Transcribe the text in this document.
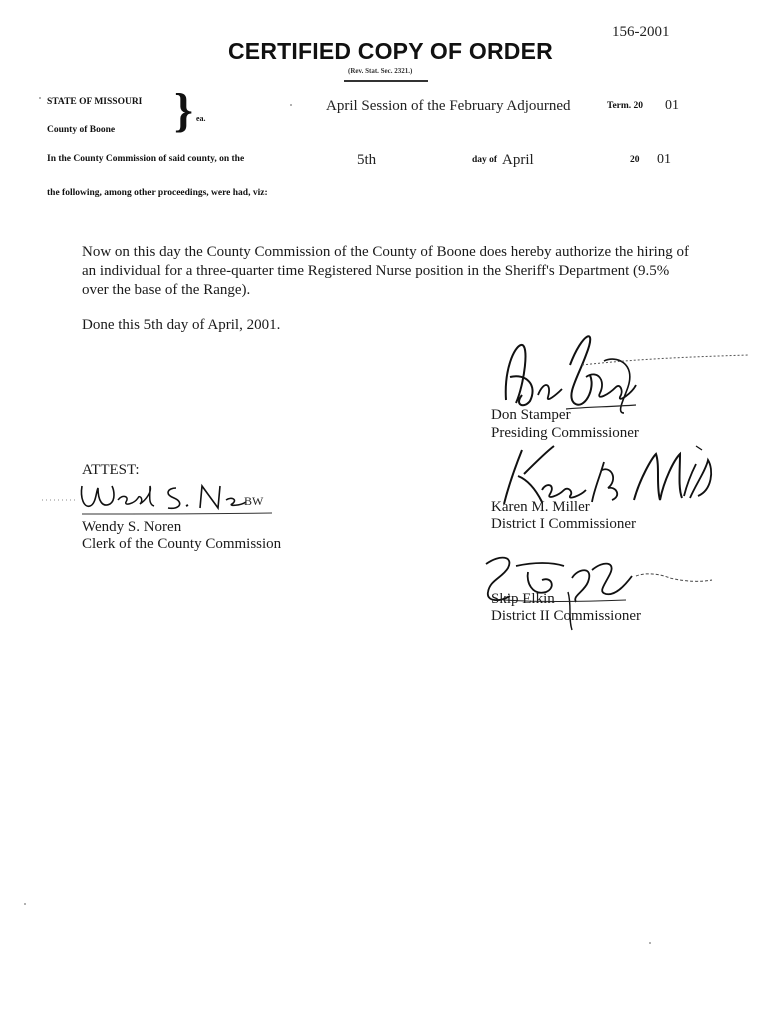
156-2001
CERTIFIED COPY OF ORDER
(Rev. Stat. Sec. 2321.)
STATE OF MISSOURI
County of Boone } ea.
April Session of the February Adjourned	Term. 20 01
In the County Commission of said county, on the	5th	day of April	20 01
the following, among other proceedings, were had, viz:
Now on this day the County Commission of the County of Boone does hereby authorize the hiring of an individual for a three-quarter time Registered Nurse position in the Sheriff's Department (9.5% over the base of the Range).
Done this 5th day of April, 2001.
Don Stamper
Presiding Commissioner
Karen M. Miller
District I Commissioner
Skip Elkin
District II Commissioner
ATTEST:
BW
Wendy S. Noren
Clerk of the County Commission
